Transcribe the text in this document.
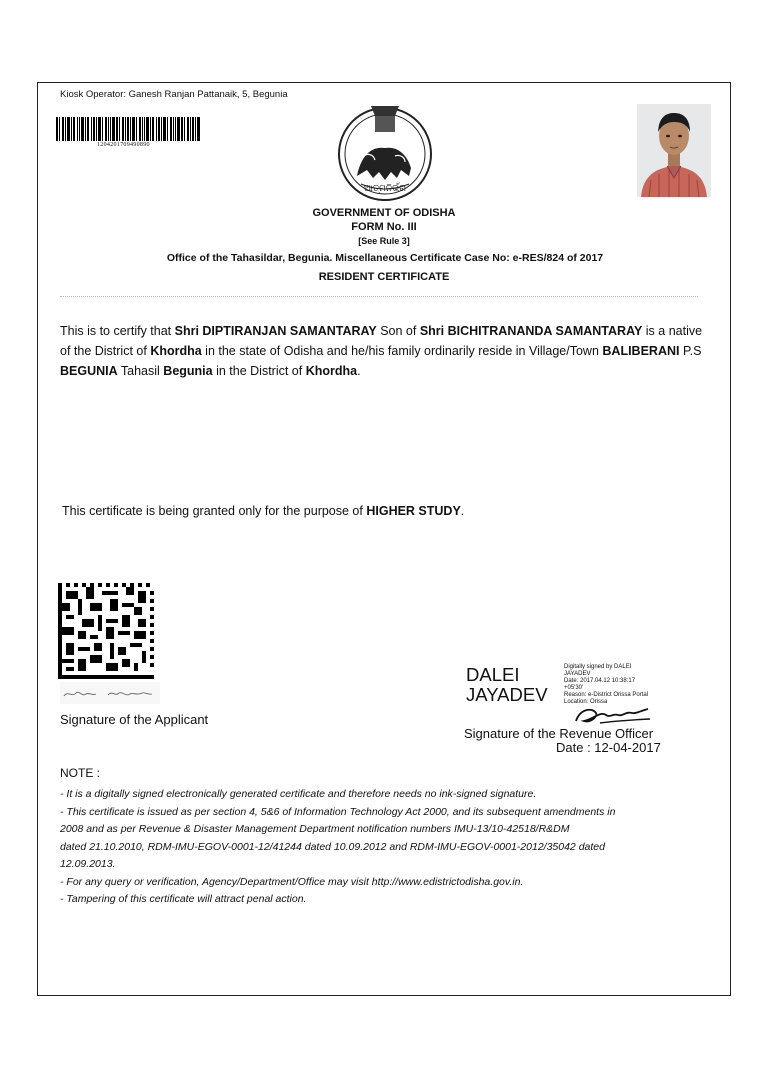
Kiosk Operator: Ganesh Ranjan Pattanaik, 5, Begunia
1204201709490890
ଆତ୍ମନିର୍ଭର
GOVERNMENT OF ODISHA
FORM No. III
[See Rule 3]
Office of the Tahasildar, Begunia. Miscellaneous Certificate Case No: e-RES/824 of 2017
RESIDENT CERTIFICATE
This is to certify that Shri DIPTIRANJAN SAMANTARAY Son of Shri BICHITRANANDA SAMANTARAY is a native of the District of Khordha in the state of Odisha and he/his family ordinarily reside in Village/Town BALIBERANI P.S BEGUNIA Tahasil Begunia in the District of Khordha.
This certificate is being granted only for the purpose of HIGHER STUDY.
Signature of the Applicant
DALEI
JAYADEV
Digitally signed by DALEI
JAYADEV
Date: 2017.04.12 10:38:17
+05'30'
Reason: e-District Orissa Portal
Location: Orissa
Signature of the Revenue Officer
Date : 12-04-2017
NOTE :
- It is a digitally signed electronically generated certificate and therefore needs no ink-signed signature.
- This certificate is issued as per section 4, 5&6 of Information Technology Act 2000, and its subsequent amendments in
2008 and as per Revenue & Disaster Management Department notification numbers IMU-13/10-42518/R&DM
dated 21.10.2010, RDM-IMU-EGOV-0001-12/41244 dated 10.09.2012 and RDM-IMU-EGOV-0001-2012/35042 dated
12.09.2013.
- For any query or verification, Agency/Department/Office may visit http://www.edistrictodisha.gov.in.
- Tampering of this certificate will attract penal action.
